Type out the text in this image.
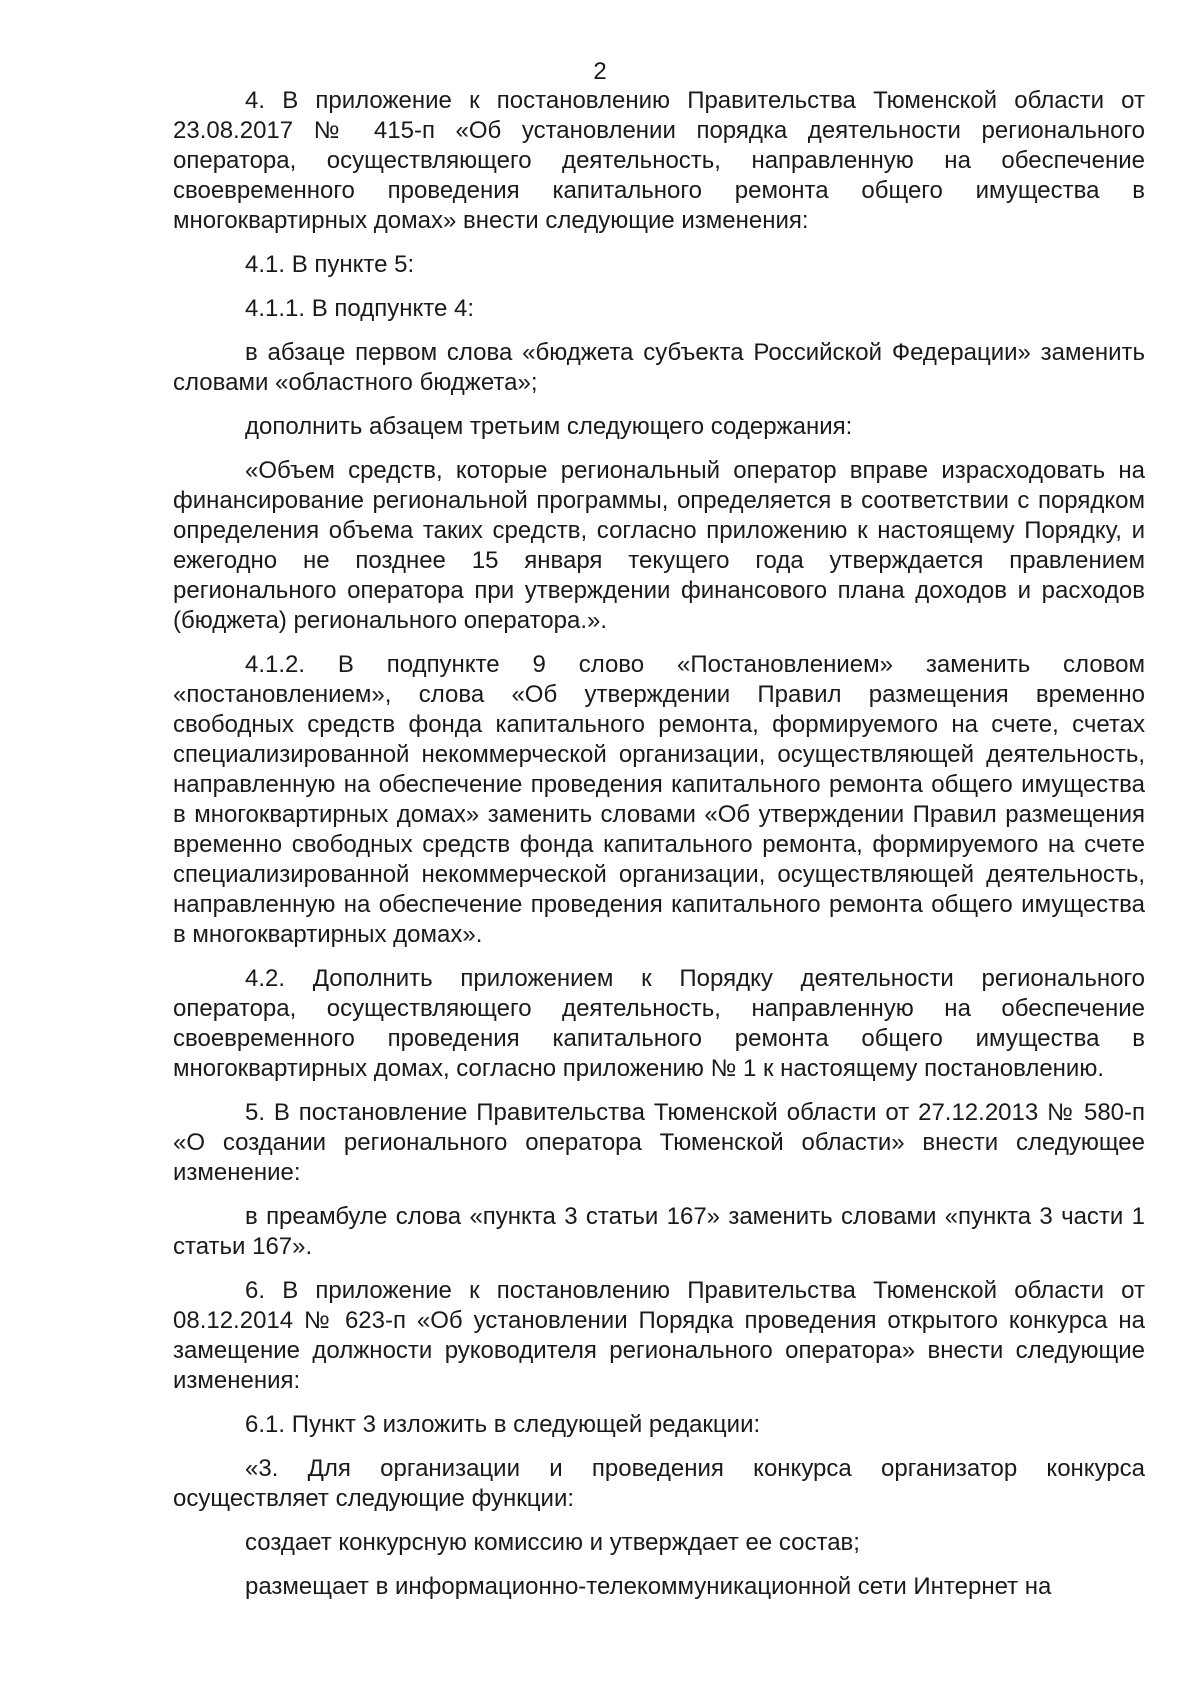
2

4. В приложение к постановлению Правительства Тюменской области от 23.08.2017 № 415-п «Об установлении порядка деятельности регионального оператора, осуществляющего деятельность, направленную на обеспечение своевременного проведения капитального ремонта общего имущества в многоквартирных домах» внести следующие изменения:

4.1. В пункте 5:

4.1.1. В подпункте 4:

в абзаце первом слова «бюджета субъекта Российской Федерации» заменить словами «областного бюджета»;

дополнить абзацем третьим следующего содержания:

«Объем средств, которые региональный оператор вправе израсходовать на финансирование региональной программы, определяется в соответствии с порядком определения объема таких средств, согласно приложению к настоящему Порядку, и ежегодно не позднее 15 января текущего года утверждается правлением регионального оператора при утверждении финансового плана доходов и расходов (бюджета) регионального оператора.».

4.1.2. В подпункте 9 слово «Постановлением» заменить словом «постановлением», слова «Об утверждении Правил размещения временно свободных средств фонда капитального ремонта, формируемого на счете, счетах специализированной некоммерческой организации, осуществляющей деятельность, направленную на обеспечение проведения капитального ремонта общего имущества в многоквартирных домах» заменить словами «Об утверждении Правил размещения временно свободных средств фонда капитального ремонта, формируемого на счете специализированной некоммерческой организации, осуществляющей деятельность, направленную на обеспечение проведения капитального ремонта общего имущества в многоквартирных домах».

4.2. Дополнить приложением к Порядку деятельности регионального оператора, осуществляющего деятельность, направленную на обеспечение своевременного проведения капитального ремонта общего имущества в многоквартирных домах, согласно приложению № 1 к настоящему постановлению.

5. В постановление Правительства Тюменской области от 27.12.2013 № 580-п «О создании регионального оператора Тюменской области» внести следующее изменение:

в преамбуле слова «пункта 3 статьи 167» заменить словами «пункта 3 части 1 статьи 167».

6. В приложение к постановлению Правительства Тюменской области от 08.12.2014 № 623-п «Об установлении Порядка проведения открытого конкурса на замещение должности руководителя регионального оператора» внести следующие изменения:

6.1. Пункт 3 изложить в следующей редакции:

«3. Для организации и проведения конкурса организатор конкурса осуществляет следующие функции:

создает конкурсную комиссию и утверждает ее состав;

размещает в информационно-телекоммуникационной сети Интернет на
